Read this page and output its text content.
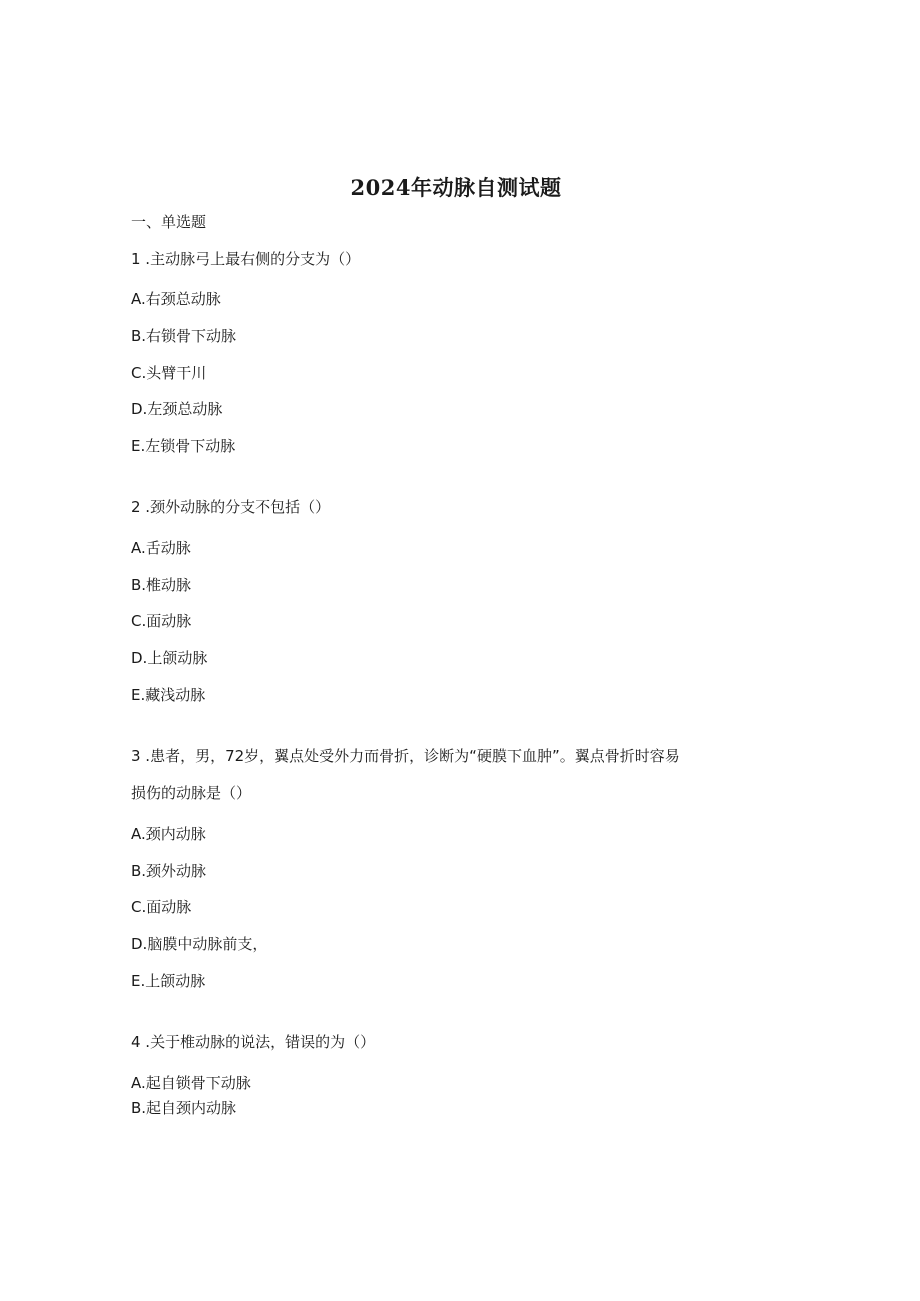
2024年动脉自测试题
一、单选题
1 .主动脉弓上最右侧的分支为（）
A.右颈总动脉
B.右锁骨下动脉
C.头臂干川
D.左颈总动脉
E.左锁骨下动脉
2 .颈外动脉的分支不包括（）
A.舌动脉
B.椎动脉
C.面动脉
D.上颌动脉
E.藏浅动脉
3 .患者，男，72岁，翼点处受外力而骨折，诊断为“硬膜下血肿”。翼点骨折时容易
损伤的动脉是（）
A.颈内动脉
B.颈外动脉
C.面动脉
D.脑膜中动脉前支，
E.上颌动脉
4 .关于椎动脉的说法，错误的为（）
A.起自锁骨下动脉
B.起自颈内动脉
